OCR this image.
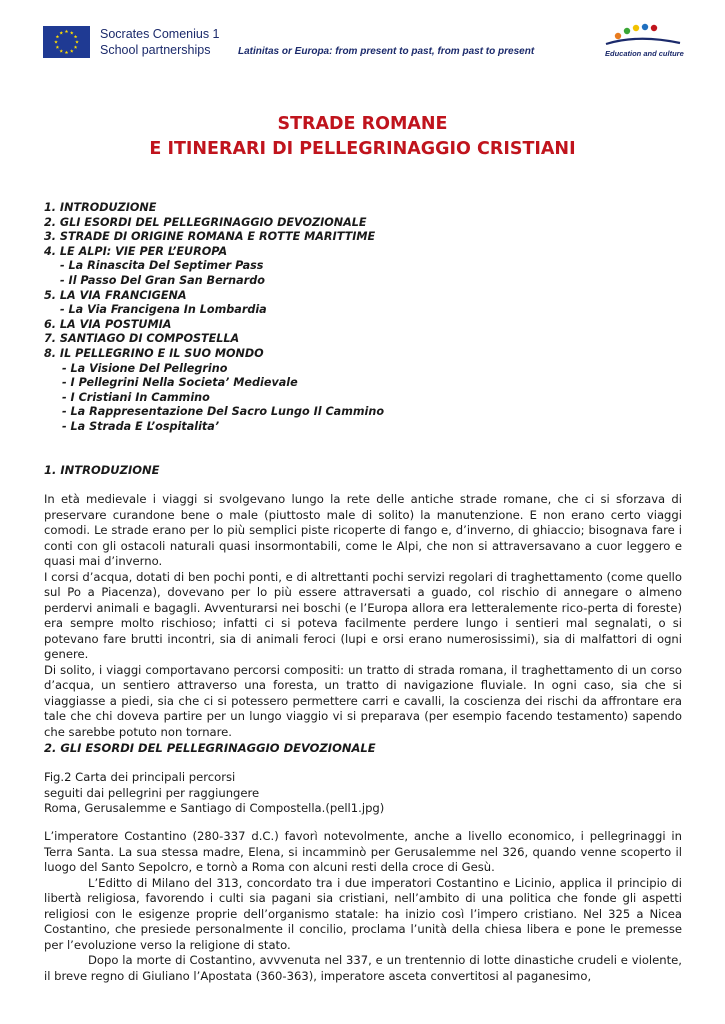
Socrates Comenius 1
School partnerships	Latinitas or Europa: from present to past, from past to present	Education and culture
STRADE ROMANE
E ITINERARI DI PELLEGRINAGGIO CRISTIANI
1. INTRODUZIONE
2. GLI ESORDI DEL PELLEGRINAGGIO DEVOZIONALE
3. STRADE DI ORIGINE ROMANA E ROTTE MARITTIME
4. LE ALPI: VIE PER L’EUROPA
- La Rinascita Del Septimer Pass
- Il Passo Del Gran San Bernardo
5. LA VIA FRANCIGENA
- La Via Francigena In Lombardia
6. LA VIA POSTUMIA
7. SANTIAGO DI COMPOSTELLA
8. IL PELLEGRINO E IL SUO MONDO
- La Visione Del Pellegrino
- I Pellegrini Nella Societa’ Medievale
- I Cristiani In Cammino
- La Rappresentazione Del Sacro Lungo Il Cammino
- La Strada E L’ospitalita’
1. INTRODUZIONE

In età medievale i viaggi si svolgevano lungo la rete delle antiche strade romane, che ci si sforzava di preservare curandone bene o male (piuttosto male di solito) la manutenzione. E non erano certo viaggi comodi. Le strade erano per lo più semplici piste ricoperte di fango e, d’inverno, di ghiaccio; bisognava fare i conti con gli ostacoli naturali quasi insormontabili, come le Alpi, che non si attraversavano a cuor leggero e quasi mai d’inverno.

I corsi d’acqua, dotati di ben pochi ponti, e di altrettanti pochi servizi regolari di traghettamento (come quello sul Po a Piacenza), dovevano per lo più essere attraversati a guado, col rischio di annegare o almeno perdervi animali e bagagli. Avventurarsi nei boschi (e l’Europa allora era letteralemente rico-perta di foreste) era sempre molto rischioso; infatti ci si poteva facilmente perdere lungo i sentieri mal segnalati, o si potevano fare brutti incontri, sia di animali feroci (lupi e orsi erano numerosissimi), sia di malfattori di ogni genere.

Di solito, i viaggi comportavano percorsi compositi: un tratto di strada romana, il traghettamento di un corso d’acqua, un sentiero attraverso una foresta, un tratto di navigazione fluviale. In ogni caso, sia che si viaggiasse a piedi, sia che ci si potessero permettere carri e cavalli, la coscienza dei rischi da affrontare era tale che chi doveva partire per un lungo viaggio vi si preparava (per esempio facendo testamento) sapendo che sarebbe potuto non tornare.

2. GLI ESORDI DEL PELLEGRINAGGIO DEVOZIONALE
Fig.2 Carta dei principali percorsi
seguiti dai pellegrini per raggiungere
Roma, Gerusalemme e Santiago di Compostella.(pell1.jpg)

L’imperatore Costantino (280-337 d.C.) favorì notevolmente, anche a livello economico, i pellegrinaggi in Terra Santa. La sua stessa madre, Elena, si incamminò per Gerusalemme nel 326, quando venne scoperto il luogo del Santo Sepolcro, e tornò a Roma con alcuni resti della croce di Gesù.

L’Editto di Milano del 313, concordato tra i due imperatori Costantino e Licinio, applica il principio di libertà religiosa, favorendo i culti sia pagani sia cristiani, nell’ambito di una politica che fonde gli aspetti religiosi con le esigenze proprie dell’organismo statale: ha inizio così l’impero cristiano. Nel 325 a Nicea Costantino, che presiede personalmente il concilio, proclama l’unità della chiesa libera e pone le premesse per l’evoluzione verso la religione di stato.

Dopo la morte di Costantino, avvvenuta nel 337, e un trentennio di lotte dinastiche crudeli e violente, il breve regno di Giuliano l’Apostata (360-363), imperatore asceta convertitosi al paganesimo,
